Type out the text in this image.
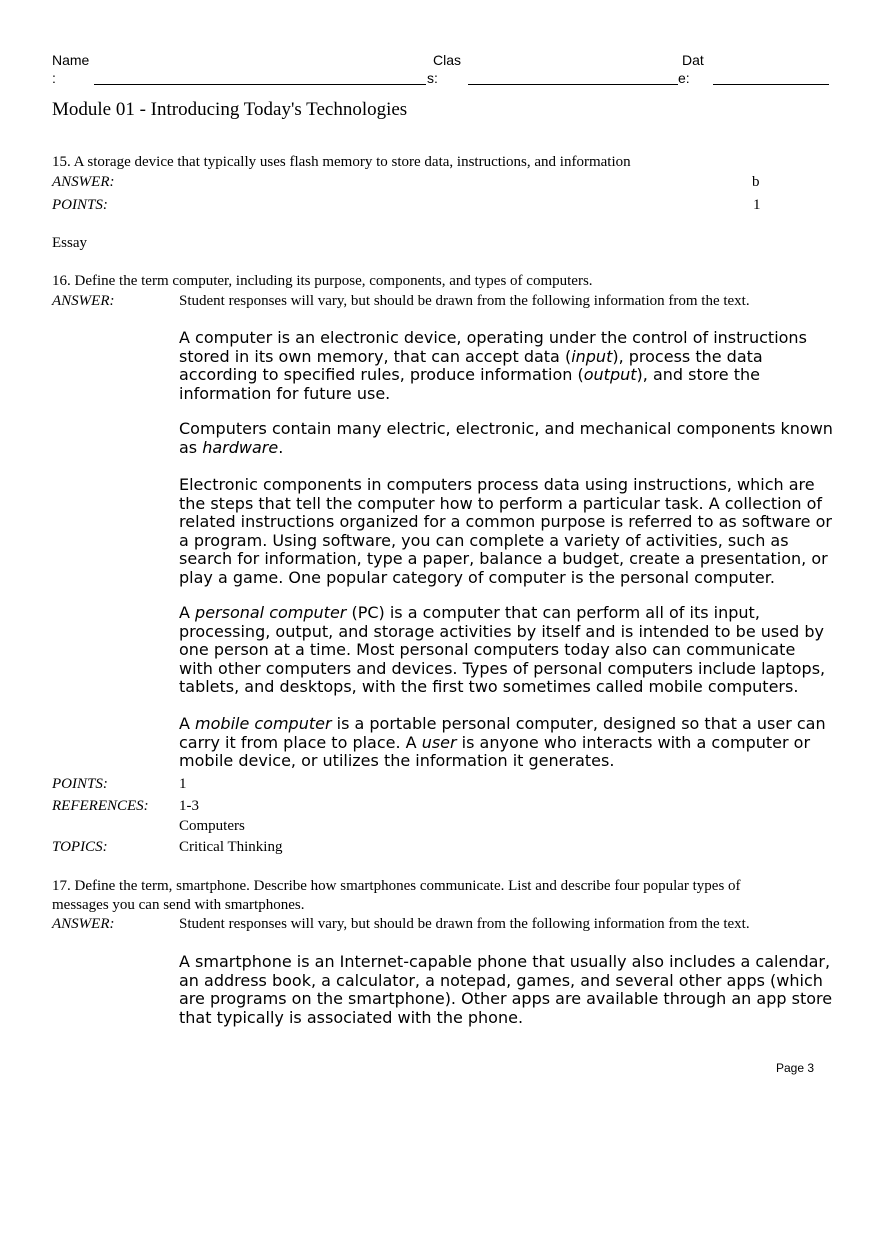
Name
:
Clas
s:
Dat
e:
Module 01 - Introducing Today's Technologies
15. A storage device that typically uses flash memory to store data, instructions, and information
ANSWER:	b
POINTS:	1
Essay
16. Define the term computer, including its purpose, components, and types of computers.
ANSWER:	Student responses will vary, but should be drawn from the following information from the text.

A computer is an electronic device, operating under the control of instructions stored in its own memory, that can accept data (input), process the data according to specified rules, produce information (output), and store the information for future use.

Computers contain many electric, electronic, and mechanical components known as hardware.

Electronic components in computers process data using instructions, which are the steps that tell the computer how to perform a particular task. A collection of related instructions organized for a common purpose is referred to as software or a program. Using software, you can complete a variety of activities, such as search for information, type a paper, balance a budget, create a presentation, or play a game. One popular category of computer is the personal computer.

A personal computer (PC) is a computer that can perform all of its input, processing, output, and storage activities by itself and is intended to be used by one person at a time. Most personal computers today also can communicate with other computers and devices. Types of personal computers include laptops, tablets, and desktops, with the first two sometimes called mobile computers.

A mobile computer is a portable personal computer, designed so that a user can carry it from place to place. A user is anyone who interacts with a computer or mobile device, or utilizes the information it generates.

POINTS:	1
REFERENCES: 1-3
Computers
TOPICS:	Critical Thinking
17. Define the term, smartphone. Describe how smartphones communicate. List and describe four popular types of
messages you can send with smartphones.
ANSWER:	Student responses will vary, but should be drawn from the following information from the text.

A smartphone is an Internet-capable phone that usually also includes a calendar, an address book, a calculator, a notepad, games, and several other apps (which are programs on the smartphone). Other apps are available through an app store that typically is associated with the phone.

Page 3
